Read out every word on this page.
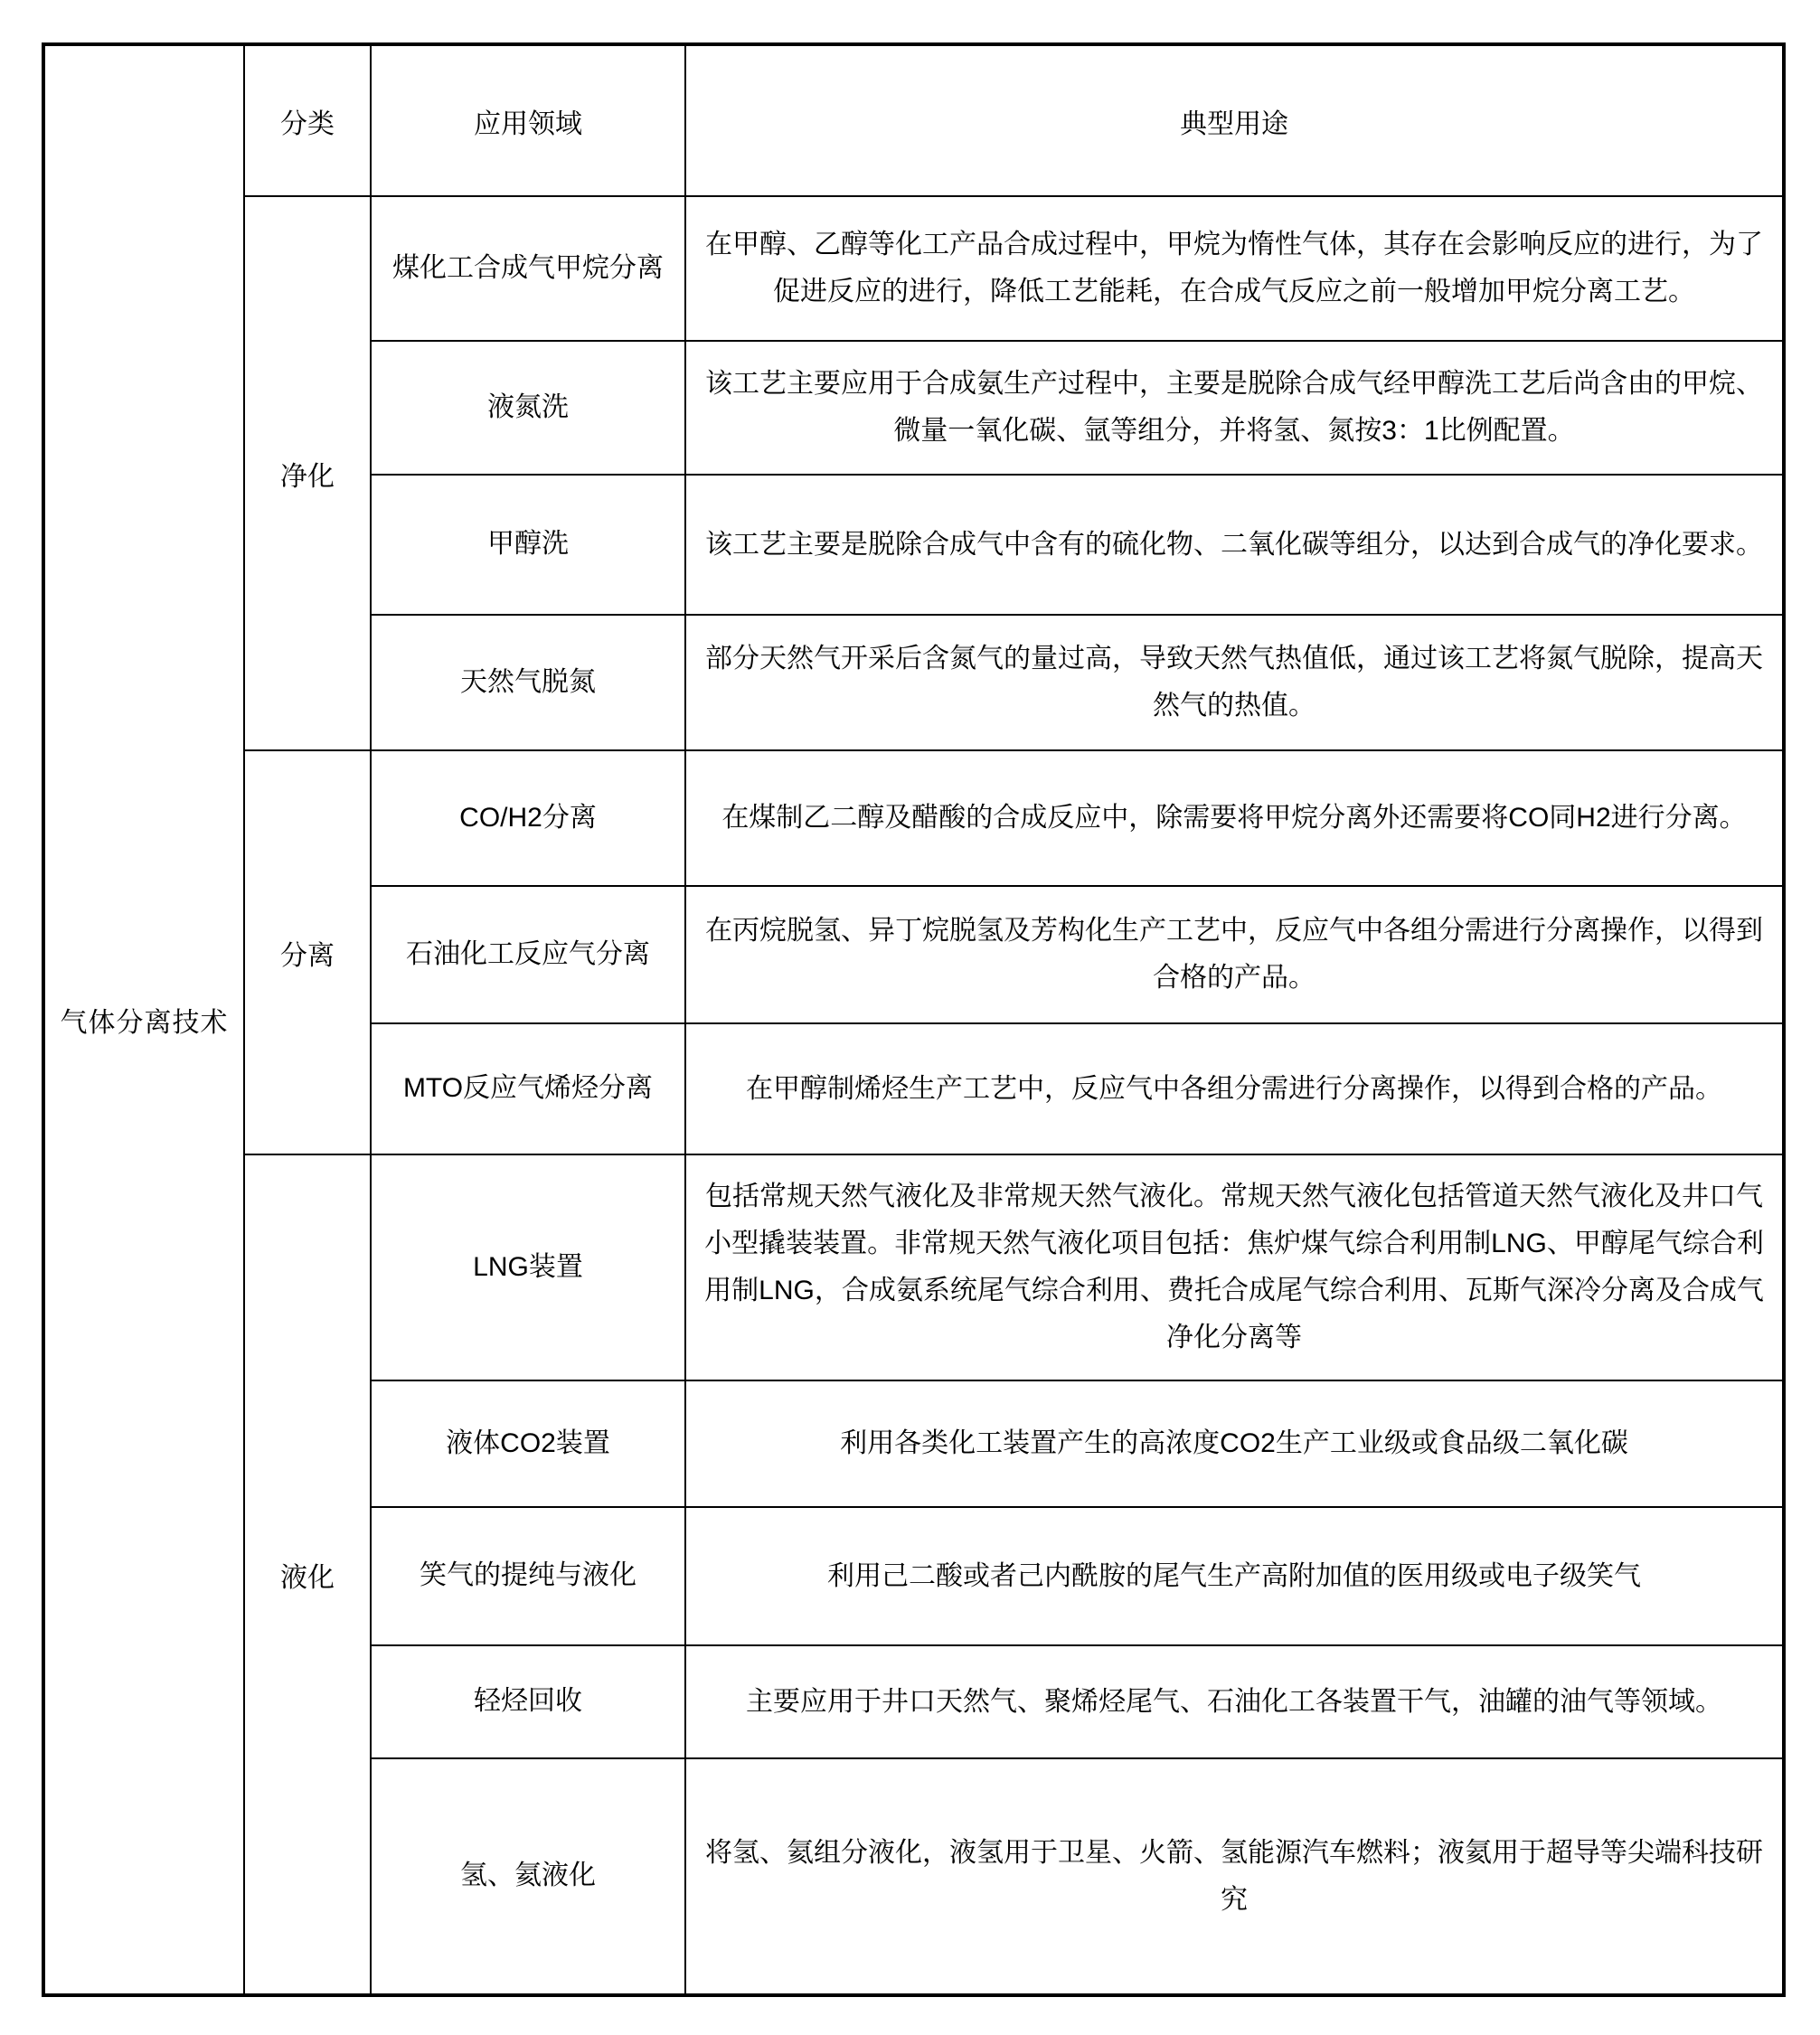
气体分离技术	分类	应用领域	典型用途
	净化	煤化工合成气甲烷分离	在甲醇、乙醇等化工产品合成过程中，甲烷为惰性气体，其存在会影响反应的进行，为了促进反应的进行，降低工艺能耗，在合成气反应之前一般增加甲烷分离工艺。
		液氮洗	该工艺主要应用于合成氨生产过程中，主要是脱除合成气经甲醇洗工艺后尚含由的甲烷、微量一氧化碳、氩等组分，并将氢、氮按3：1比例配置。
		甲醇洗	该工艺主要是脱除合成气中含有的硫化物、二氧化碳等组分，以达到合成气的净化要求。
		天然气脱氮	部分天然气开采后含氮气的量过高，导致天然气热值低，通过该工艺将氮气脱除，提高天然气的热值。
	分离	CO/H2分离	在煤制乙二醇及醋酸的合成反应中，除需要将甲烷分离外还需要将CO同H2进行分离。
		石油化工反应气分离	在丙烷脱氢、异丁烷脱氢及芳构化生产工艺中，反应气中各组分需进行分离操作，以得到合格的产品。
		MTO反应气烯烃分离	在甲醇制烯烃生产工艺中，反应气中各组分需进行分离操作，以得到合格的产品。
	液化	LNG装置	包括常规天然气液化及非常规天然气液化。常规天然气液化包括管道天然气液化及井口气小型撬装装置。非常规天然气液化项目包括：焦炉煤气综合利用制LNG、甲醇尾气综合利用制LNG，合成氨系统尾气综合利用、费托合成尾气综合利用、瓦斯气深冷分离及合成气净化分离等
		液体CO2装置	利用各类化工装置产生的高浓度CO2生产工业级或食品级二氧化碳
		笑气的提纯与液化	利用己二酸或者己内酰胺的尾气生产高附加值的医用级或电子级笑气
		轻烃回收	主要应用于井口天然气、聚烯烃尾气、石油化工各装置干气，油罐的油气等领域。
		氢、氦液化	将氢、氦组分液化，液氢用于卫星、火箭、氢能源汽车燃料；液氦用于超导等尖端科技研究
